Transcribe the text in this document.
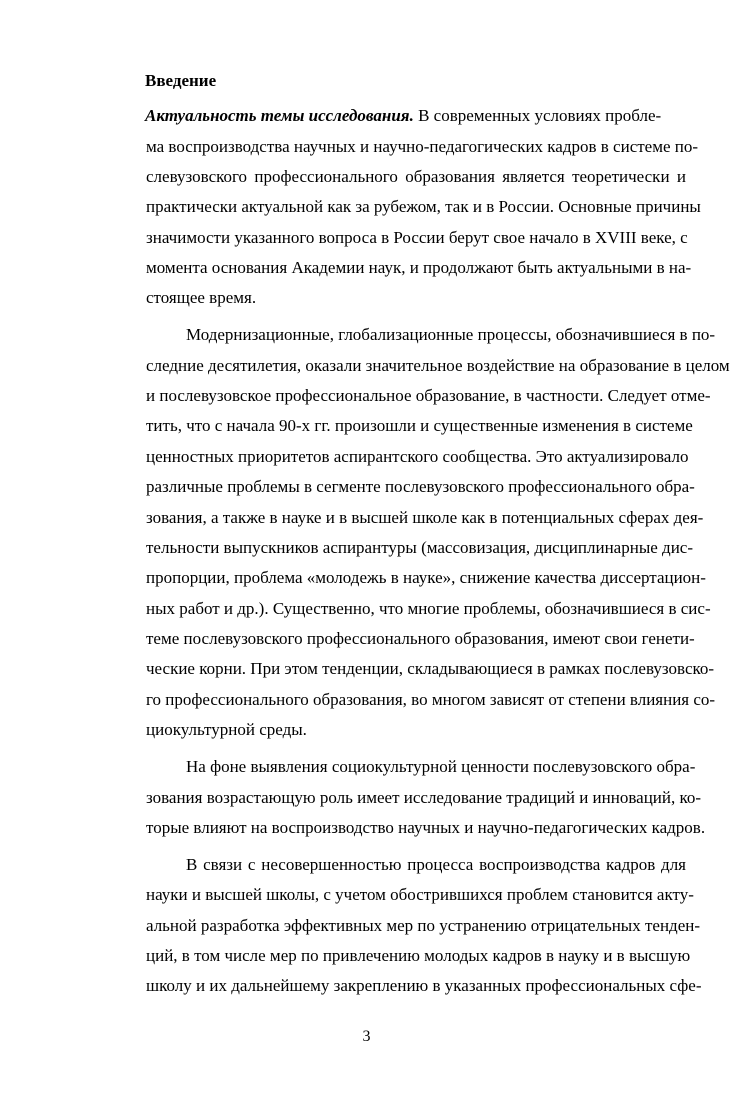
Введение
Актуальность темы исследования. В современных условиях пробле-
ма воспроизводства научных и научно-педагогических кадров в системе по-
слевузовского профессионального образования является теоретически и
практически актуальной как за рубежом, так и в России. Основные причины
значимости указанного вопроса в России берут свое начало в XVIII веке, с
момента основания Академии наук, и продолжают быть актуальными в на-
стоящее время.
Модернизационные, глобализационные процессы, обозначившиеся в по-
следние десятилетия, оказали значительное воздействие на образование в целом
и послевузовское профессиональное образование, в частности. Следует отме-
тить, что с начала 90-х гг. произошли и существенные изменения в системе
ценностных приоритетов аспирантского сообщества. Это актуализировало
различные проблемы в сегменте послевузовского профессионального обра-
зования, а также в науке и в высшей школе как в потенциальных сферах дея-
тельности выпускников аспирантуры (массовизация, дисциплинарные дис-
пропорции, проблема «молодежь в науке», снижение качества диссертацион-
ных работ и др.). Существенно, что многие проблемы, обозначившиеся в сис-
теме послевузовского профессионального образования, имеют свои генети-
ческие корни. При этом тенденции, складывающиеся в рамках послевузовско-
го профессионального образования, во многом зависят от степени влияния со-
циокультурной среды.
На фоне выявления социокультурной ценности послевузовского обра-
зования возрастающую роль имеет исследование традиций и инноваций, ко-
торые влияют на воспроизводство научных и научно-педагогических кадров.
В связи с несовершенностью процесса воспроизводства кадров для
науки и высшей школы, с учетом обострившихся проблем становится акту-
альной разработка эффективных мер по устранению отрицательных тенден-
ций, в том числе мер по привлечению молодых кадров в науку и в высшую
школу и их дальнейшему закреплению в указанных профессиональных сфе-
3
